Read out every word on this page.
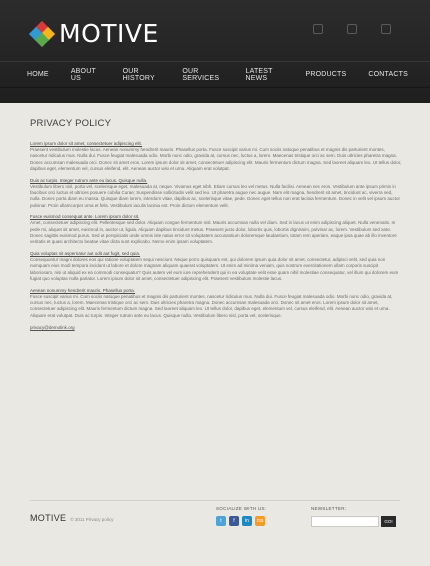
MOTIVE
HOME	ABOUT US
OUR HISTORY
OUR SERVICES
LATEST NEWS	PRODUCTS	CONTACTS
PRIVACY POLICY
Lorem ipsum dolor sit amet, consectetuer adipiscing elit.
Praesent vestibulum molestie lacus. Aenean nonummy hendrerit mauris. Phasellus porta. Fusce suscipit varius mi. Cum sociis natoque penatibus et magnis dis parturient montes, nascetur ridiculus mus. Nulla dui. Fusce feugiat malesuada odio. Morbi nunc odio, gravida at, cursus nec, luctus a, lorem. Maecenas tristique orci ac sem. Duis ultricies pharetra magna. Donec accumsan malesuada orci. Donec sit amet eros. Lorem ipsum dolor sit amet, consectetuer adipiscing elit. Mauris fermentum dictum magna. Sed laoreet aliquam leo. Ut tellus dolor, dapibus eget, elementum vel, cursus eleifend, elit. Aenean auctor wisi et urna. Aliquam erat volutpat.
Duis ac turpis. Integer rutrum ante eu lacus. Quisque nulla.
Vestibulum libero nisl, porta vel, scelerisque eget, malesuada at, neque. Vivamus eget nibh. Etiam cursus leo vel metus. Nulla facilisi. Aenean nec eros. Vestibulum ante ipsum primis in faucibus orci luctus et ultrices posuere cubilia Curae; Suspendisse sollicitudin velit sed leo. Ut pharetra augue nec augue. Nam elit magna, hendrerit sit amet, tincidunt ac, viverra sed, nulla. Donec porta diam eu massa. Quisque diam lorem, interdum vitae, dapibus ac, scelerisque vitae, pede. Donec eget tellus non erat lacinia fermentum. Donec in velit vel ipsum auctor pulvinar. Proin ullamcorper urna et felis. Vestibulum iaculis lacinia est. Proin dictum elementum velit.
Fusce euismod consequat ante. Lorem ipsum dolor sit.
Amet, consectetuer adipiscing elit. Pellentesque sed dolor. Aliquam congue fermentum nisl. Mauris accumsan nulla vel diam. Sed in lacus ut enim adipiscing aliquet. Nulla venenatis. In pede mi, aliquet sit amet, euismod in, auctor ut, ligula. Aliquam dapibus tincidunt metus. Praesent justo dolor, lobortis quis, lobortis dignissim, pulvinar ac, lorem. Vestibulum sed ante. Donec sagittis euismod purus. Sed ut perspiciatis unde omnis iste natus error sit voluptatem accusantium doloremque laudantium, totam rem aperiam, eaque ipsa quae ab illo inventore veritatis et quasi architecto beatae vitae dicta sunt explicabo. Nemo enim ipsam voluptatem.
Quia voluptas sit aspernatur aut odit aut fugit, sed quia.
Consequuntur magni dolores eos qui ratione voluptatem sequi nesciunt. Neque porro quisquam est, qui dolorem ipsum quia dolor sit amet, consectetur, adipisci velit, sed quia non numquam eius modi tempora incidunt ut labore et dolore magnam aliquam quaerat voluptatem. Ut enim ad minima veniam, quis nostrum exercitationem ullam corporis suscipit laboriosam, nisi ut aliquid ex ea commodi consequatur? Quis autem vel eum iure reprehenderit qui in ea voluptate velit esse quam nihil molestiae consequatur, vel illum qui dolorem eum fugiat quo voluptas nulla pariatur. Lorem ipsum dolor sit amet, consectetuer adipiscing elit. Praesent vestibulum molestie lacus.
Aenean nonummy hendrerit mauris. Phasellus porta.
Fusce suscipit varius mi. Cum sociis natoque penatibus et magnis dis parturient montes, nascetur ridiculus mus. Nulla dui. Fusce feugiat malesuada odio. Morbi nunc odio, gravida at, cursus nec, luctus a, lorem. Maecenas tristique orci ac sem. Duis ultricies pharetra magna. Donec accumsan malesuada orci. Donec sit amet eros. Lorem ipsum dolor sit amet, consectetuer adipiscing elit. Mauris fermentum dictum magna. Sed laoreet aliquam leo. Ut tellus dolor, dapibus eget, elementum vel, cursus eleifend, elit. Aenean auctor wisi et urna. Aliquam erat volutpat. Duis ac turpis. Integer rutrum ante eu lacus. Quisque nulla. Vestibulum libero nisl, porta vel, scelerisque.
privacy@demolink.org
MOTIVE © 2011 Privacy policy
SOCIALIZE WITH US:
t	f	in	rss
NEWSLETTER:
GO!
